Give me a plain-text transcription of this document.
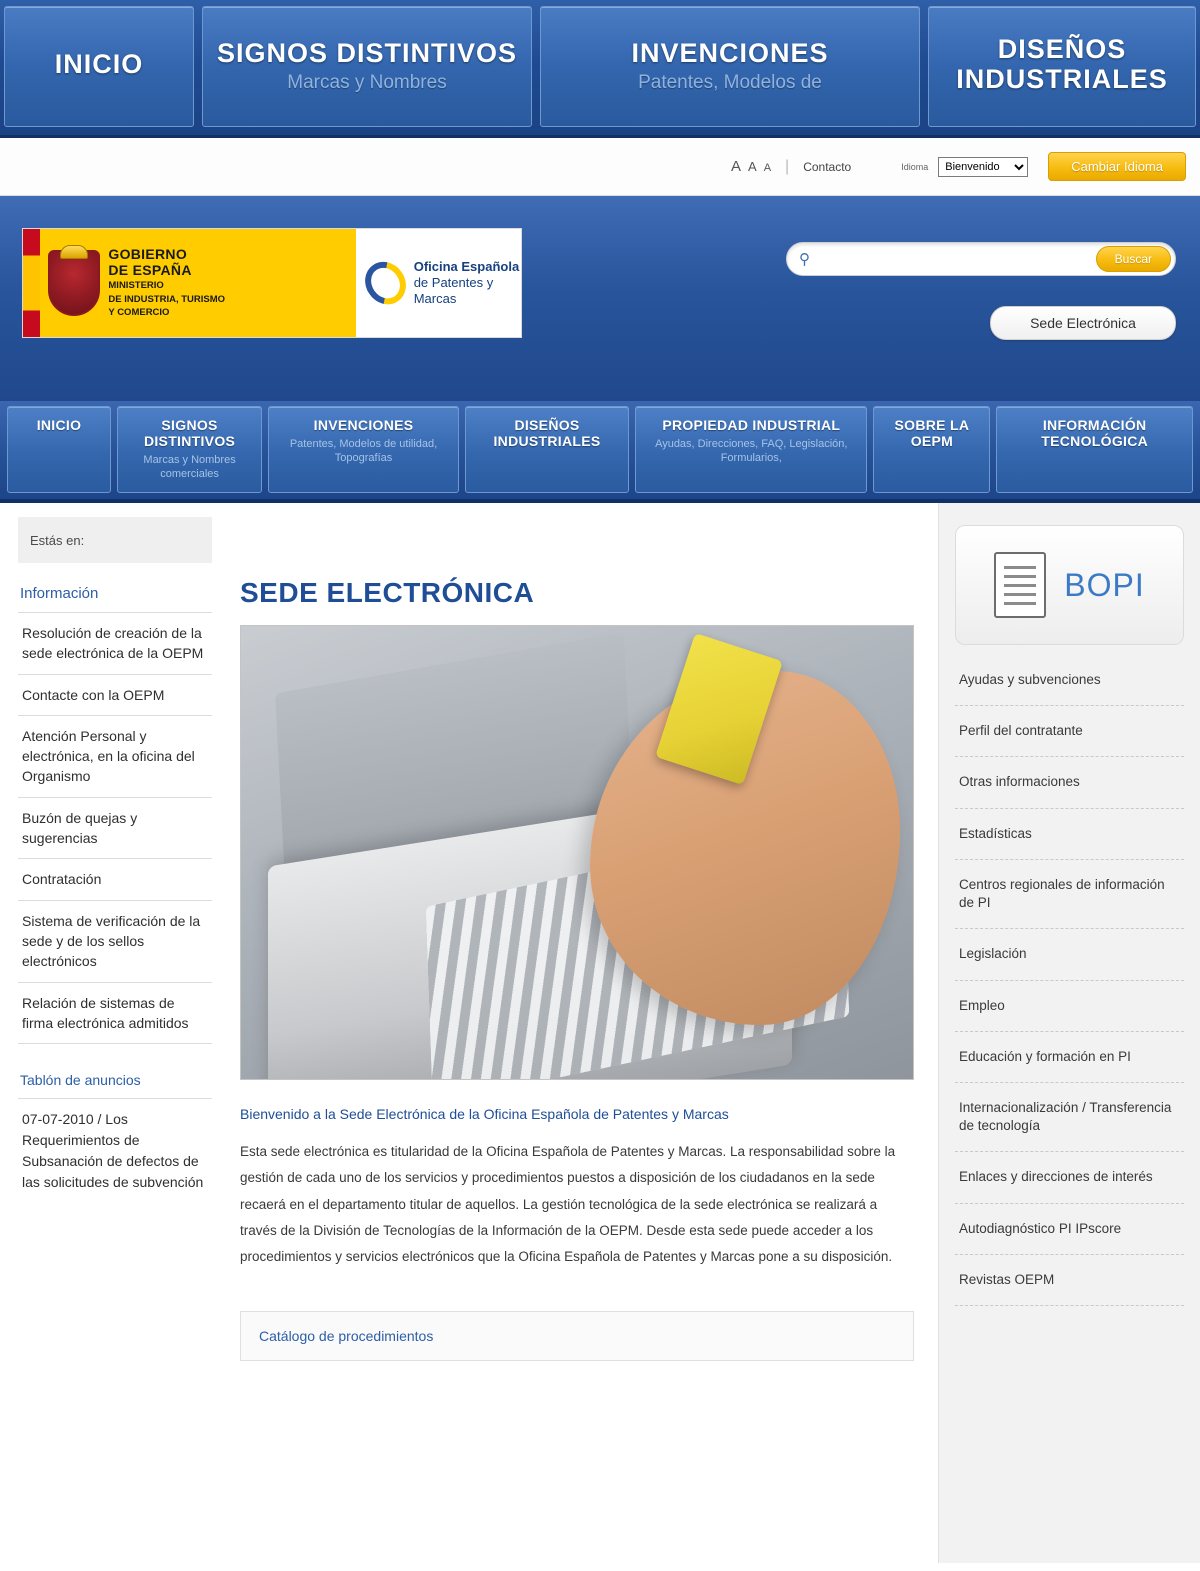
INICIO	SIGNOS DISTINTIVOS
Marcas y Nombres
INVENCIONES
Patentes, Modelos de
DISEÑOS INDUSTRIALES
A A A |	Contacto	Idioma
Bienvenido	Cambiar Idioma
GOBIERNO
DE ESPAÑA
MINISTERIO
DE INDUSTRIA, TURISMO
Y COMERCIO
Oficina Española
de Patentes y Marcas
⚲	Buscar
Sede Electrónica
INICIO	SIGNOS DISTINTIVOS
Marcas y Nombres comerciales
INVENCIONES
Patentes, Modelos de utilidad, Topografías
DISEÑOS INDUSTRIALES
PROPIEDAD INDUSTRIAL
Ayudas, Direcciones, FAQ, Legislación, Formularios,
SOBRE LA OEPM
INFORMACIÓN TECNOLÓGICA
Estás en:
Información
Resolución de creación de la sede electrónica de la OEPM
Contacte con la OEPM
Atención Personal y electrónica, en la oficina del Organismo
Buzón de quejas y sugerencias
Contratación
Sistema de verificación de la sede y de los sellos electrónicos
Relación de sistemas de firma electrónica admitidos
Tablón de anuncios
07-07-2010 / Los Requerimientos de Subsanación de defectos de las solicitudes de subvención
SEDE ELECTRÓNICA
Bienvenido a la Sede Electrónica de la Oficina Española de Patentes y Marcas
Esta sede electrónica es titularidad de la Oficina Española de Patentes y Marcas. La responsabilidad sobre la gestión de cada uno de los servicios y procedimientos puestos a disposición de los ciudadanos en la sede recaerá en el departamento titular de aquellos. La gestión tecnológica de la sede electrónica se realizará a través de la División de Tecnologías de la Información de la OEPM. Desde esta sede puede acceder a los procedimientos y servicios electrónicos que la Oficina Española de Patentes y Marcas pone a su disposición.
Catálogo de procedimientos
BOPI
Ayudas y subvenciones
Perfil del contratante
Otras informaciones
Estadísticas
Centros regionales de información de PI
Legislación
Empleo
Educación y formación en PI
Internacionalización / Transferencia de tecnología
Enlaces y direcciones de interés
Autodiagnóstico PI IPscore
Revistas OEPM
